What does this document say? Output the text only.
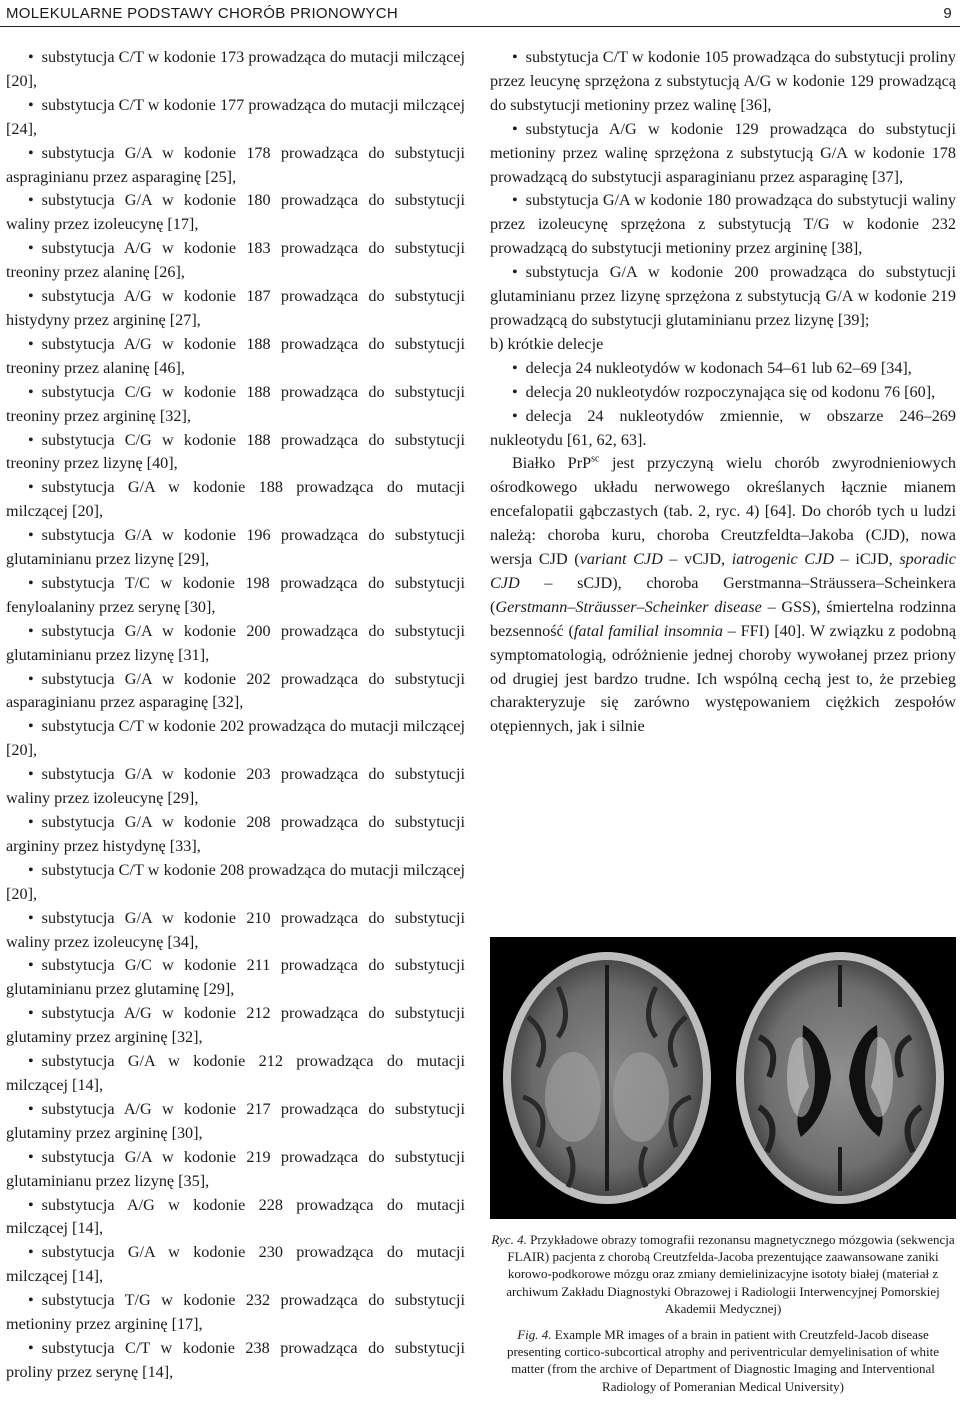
MOLEKULARNE PODSTAWY CHORÓB PRIONOWYCH	9
• substytucja C/T w kodonie 173 prowadząca do mutacji milczącej [20],
• substytucja C/T w kodonie 177 prowadząca do mutacji milczącej [24],
• substytucja G/A w kodonie 178 prowadząca do substytucji aspraginianu przez asparaginę [25],
• substytucja G/A w kodonie 180 prowadząca do substytucji waliny przez izoleucynę [17],
• substytucja A/G w kodonie 183 prowadząca do substytucji treoniny przez alaninę [26],
• substytucja A/G w kodonie 187 prowadząca do substytucji histydyny przez argininę [27],
• substytucja A/G w kodonie 188 prowadząca do substytucji treoniny przez alaninę [46],
• substytucja C/G w kodonie 188 prowadząca do substytucji treoniny przez argininę [32],
• substytucja C/G w kodonie 188 prowadząca do substytucji treoniny przez lizynę [40],
• substytucja G/A w kodonie 188 prowadząca do mutacji milczącej [20],
• substytucja G/A w kodonie 196 prowadząca do substytucji glutaminianu przez lizynę [29],
• substytucja T/C w kodonie 198 prowadząca do substytucji fenyloalaniny przez serynę [30],
• substytucja G/A w kodonie 200 prowadząca do substytucji glutaminianu przez lizynę [31],
• substytucja G/A w kodonie 202 prowadząca do substytucji asparaginianu przez asparaginę [32],
• substytucja C/T w kodonie 202 prowadząca do mutacji milczącej [20],
• substytucja G/A w kodonie 203 prowadząca do substytucji waliny przez izoleucynę [29],
• substytucja G/A w kodonie 208 prowadząca do substytucji argininy przez histydynę [33],
• substytucja C/T w kodonie 208 prowadząca do mutacji milczącej [20],
• substytucja G/A w kodonie 210 prowadząca do substytucji waliny przez izoleucynę [34],
• substytucja G/C w kodonie 211 prowadząca do substytucji glutaminianu przez glutaminę [29],
• substytucja A/G w kodonie 212 prowadząca do substytucji glutaminy przez argininę [32],
• substytucja G/A w kodonie 212 prowadząca do mutacji milczącej [14],
• substytucja A/G w kodonie 217 prowadząca do substytucji glutaminy przez argininę [30],
• substytucja G/A w kodonie 219 prowadząca do substytucji glutaminianu przez lizynę [35],
• substytucja A/G w kodonie 228 prowadząca do mutacji milczącej [14],
• substytucja G/A w kodonie 230 prowadząca do mutacji milczącej [14],
• substytucja T/G w kodonie 232 prowadząca do substytucji metioniny przez argininę [17],
• substytucja C/T w kodonie 238 prowadząca do substytucji proliny przez serynę [14],
• substytucja C/T w kodonie 105 prowadząca do substytucji proliny przez leucynę sprzężona z substytucją A/G w kodonie 129 prowadzącą do substytucji metioniny przez walinę [36],
• substytucja A/G w kodonie 129 prowadząca do substytucji metioniny przez walinę sprzężona z substytucją G/A w kodonie 178 prowadzącą do substytucji asparaginianu przez asparaginę [37],
• substytucja G/A w kodonie 180 prowadząca do substytucji waliny przez izoleucynę sprzężona z substytucją T/G w kodonie 232 prowadzącą do substytucji metioniny przez argininę [38],
• substytucja G/A w kodonie 200 prowadząca do substytucji glutaminianu przez lizynę sprzężona z substytucją G/A w kodonie 219 prowadzącą do substytucji glutaminianu przez lizynę [39];

b) krótkie delecje

• delecja 24 nukleotydów w kodonach 54–61 lub 62–69 [34],
• delecja 20 nukleotydów rozpoczynająca się od kodonu 76 [60],
• delecja 24 nukleotydów zmiennie, w obszarze 246–269 nukleotydu [61, 62, 63].

Białko PrP$^{sc}$ jest przyczyną wielu chorób zwyrodnieniowych ośrodkowego układu nerwowego określanych łącznie mianem encefalopatii gąbczastych (tab. 2, ryc. 4) [64]. Do chorób tych u ludzi należą: choroba kuru, choroba Creutzfeldta–Jakoba (CJD), nowa wersja CJD (variant CJD – vCJD, iatrogenic CJD – iCJD, sporadic CJD – sCJD), choroba Gerstmanna–Sträussera–Scheinkera (Gerstmann–Sträusser–Scheinker disease – GSS), śmiertelna rodzinna bezsenność (fatal familial insomnia – FFI) [40]. W związku z podobną symptomatologią, odróżnienie jednej choroby wywołanej przez priony od drugiej jest bardzo trudne. Ich wspólną cechą jest to, że przebieg charakteryzuje się zarówno występowaniem ciężkich zespołów otępiennych, jak i silnie

Ryc. 4. Przykładowe obrazy tomografii rezonansu magnetycznego mózgowia (sekwencja FLAIR) pacjenta z chorobą Creutzfelda-Jacoba prezentujące zaawansowane zaniki korowo-podkorowe mózgu oraz zmiany demielinizacyjne isototy białej (materiał z archiwum Zakładu Diagnostyki Obrazowej i Radiologii Interwencyjnej Pomorskiej Akademii Medycznej)
Fig. 4. Example MR images of a brain in patient with Creutzfeld-Jacob disease presenting cortico-subcortical atrophy and periventricular demyelinisation of white matter (from the archive of Department of Diagnostic Imaging and Interventional Radiology of Pomeranian Medical University)
